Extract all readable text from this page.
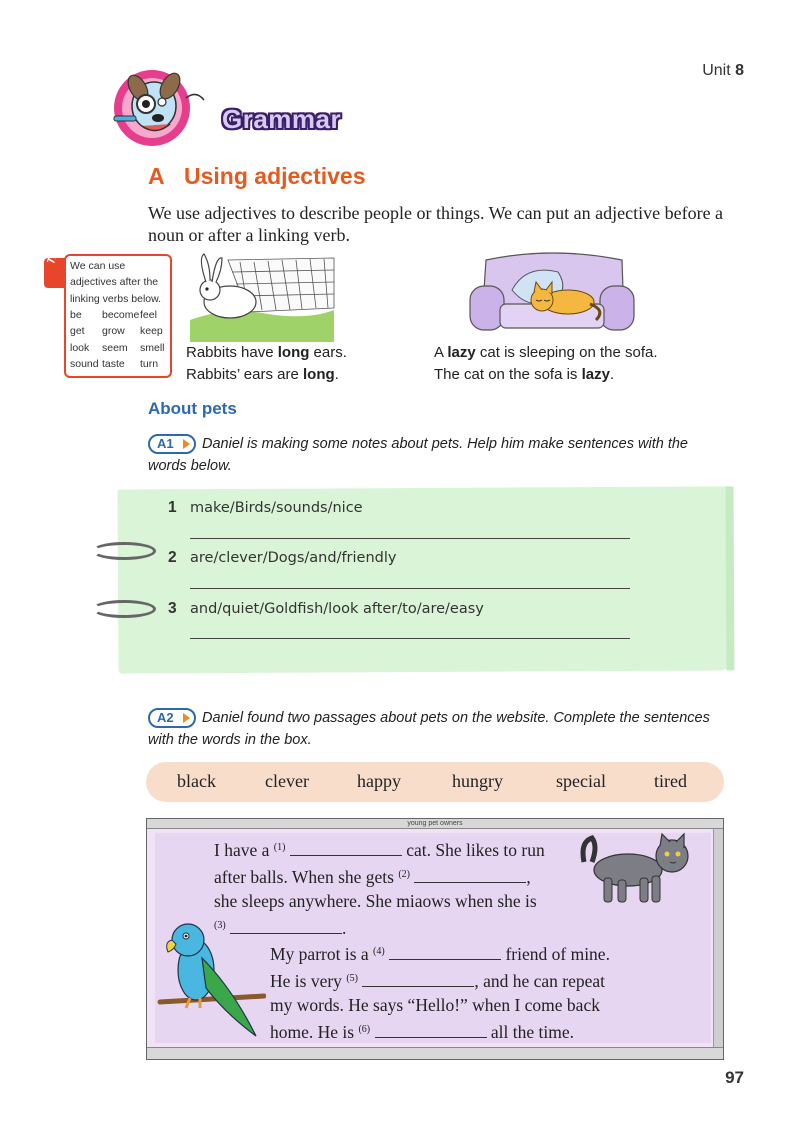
Unit 8
Grammar
A Using adjectives
We use adjectives to describe people or things. We can put an adjective before a noun or after a linking verb.
TIP We can use adjectives after the linking verbs below.
be	become feel
get	grow	keep
look	seem	smell
sound taste	turn
Rabbits have long ears.
Rabbits’ ears are long.
A lazy cat is sleeping on the sofa.
The cat on the sofa is lazy.
About pets
A1	Daniel is making some notes about pets. Help him make sentences with the words below.
1 make/Birds/sounds/nice
2 are/clever/Dogs/and/friendly
3 and/quiet/Goldfish/look after/to/are/easy
A2	Daniel found two passages about pets on the website. Complete the sentences with the words in the box.
black	clever	happy	hungry	special	tired
young pet owners
I have a $^{(1)}$	cat. She likes to run
after balls. When she gets $^{(2)}$	,
she sleeps anywhere. She miaows when she is
$^{(3)}$	.
My parrot is a $^{(4)}$	friend of mine.
He is very $^{(5)}$	, and he can repeat
my words. He says “Hello!” when I come back
home. He is $^{(6)}$	all the time.
97
